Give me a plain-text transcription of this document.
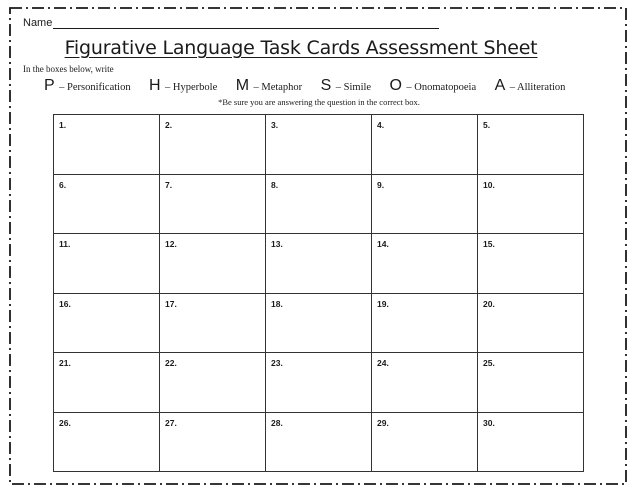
Name
Figurative Language Task Cards Assessment Sheet
In the boxes below, write
P – Personification H – Hyperbole M – Metaphor S – Simile O – Onomatopoeia A – Alliteration
*Be sure you are answering the question in the correct box.
1.	2.	3.	4.	5.
6.	7.	8.	9.	10.
11.	12.	13.	14.	15.
16.	17.	18.	19.	20.
21.	22.	23.	24.	25.
26.	27.	28.	29.	30.
